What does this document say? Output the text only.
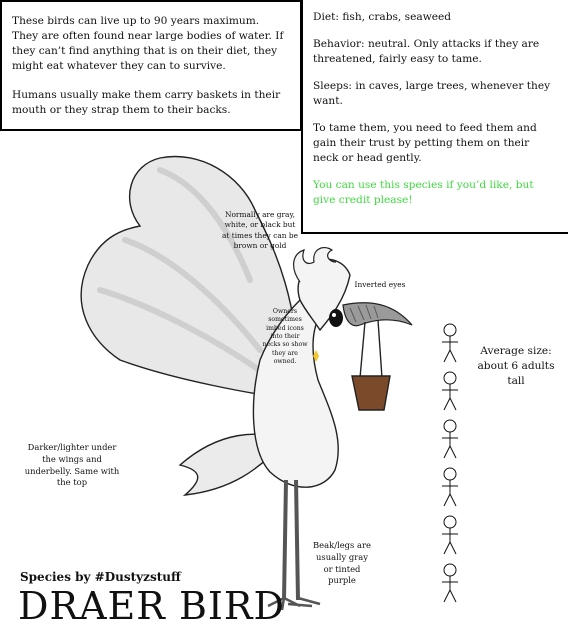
These birds can live up to 90 years maximum. They are often found near large bodies of water. If they can’t find anything that is on their diet, they might eat whatever they can to survive.

Humans usually make them carry baskets in their mouth or they strap them to their backs.

Diet: fish, crabs, seaweed

Behavior: neutral. Only attacks if they are threatened, fairly easy to tame.

Sleeps: in caves, large trees, whenever they want.

To tame them, you need to feed them and gain their trust by petting them on their neck or head gently.

You can use this species if you’d like, but give credit please!

Normally are gray, white, or black but at times they can be brown or gold
Inverted eyes
Owners sometimes imbed icons into their necks so show they are owned.
Darker/lighter under the wings and underbelly. Same with the top
Beak/legs are usually gray or tinted purple
Average size: about 6 adults tall
Species by #Dustyzstuff
DRAER BIRD
